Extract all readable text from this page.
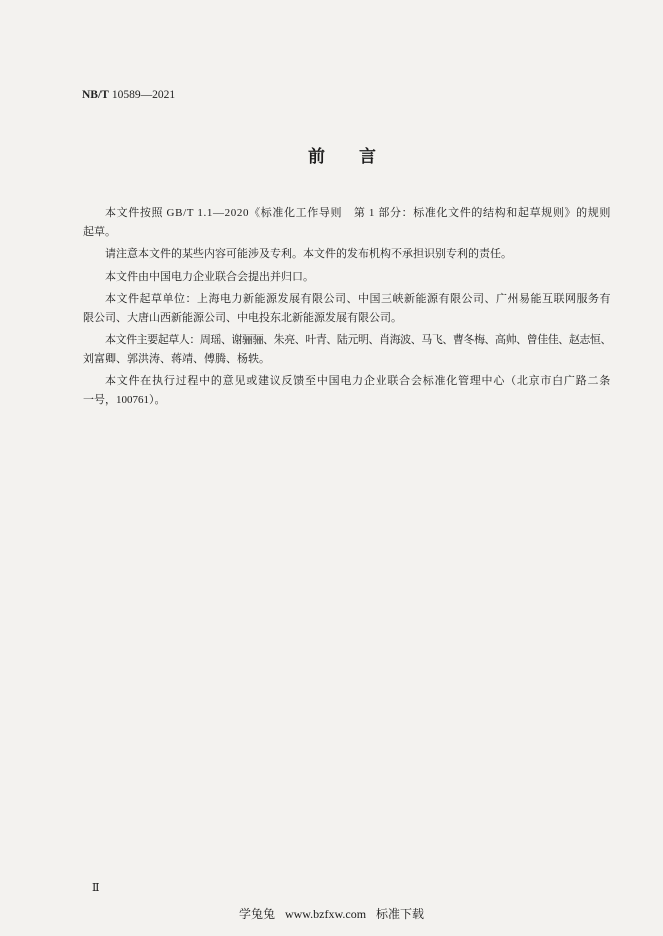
NB/T 10589—2021
前　　言
本文件按照 GB/T 1.1—2020《标准化工作导则　第 1 部分：标准化文件的结构和起草规则》的规则
起草。
请注意本文件的某些内容可能涉及专利。本文件的发布机构不承担识别专利的责任。
本文件由中国电力企业联合会提出并归口。
本文件起草单位：上海电力新能源发展有限公司、中国三峡新能源有限公司、广州易能互联网服务有
限公司、大唐山西新能源公司、中电投东北新能源发展有限公司。
本文件主要起草人：周瑶、谢骊骊、朱亮、叶青、陆元明、肖海波、马飞、曹冬梅、高帅、曾佳佳、赵志恒、
刘富卿、郭洪涛、蒋靖、傅腾、杨轶。
本文件在执行过程中的意见或建议反馈至中国电力企业联合会标准化管理中心（北京市白广路二条
一号，100761）。
Ⅱ
学兔兔 www.bzfxw.com 标准下载
